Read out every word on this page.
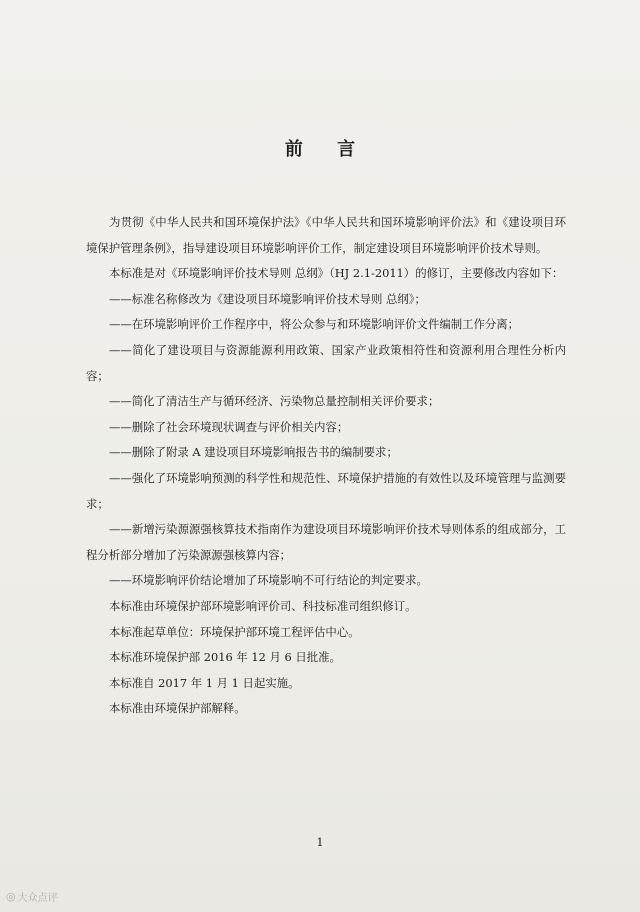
前 言

为贯彻《中华人民共和国环境保护法》《中华人民共和国环境影响评价法》和《建设项目环境保护管理条例》，指导建设项目环境影响评价工作，制定建设项目环境影响评价技术导则。

本标准是对《环境影响评价技术导则 总纲》（HJ 2.1-2011）的修订，主要修改内容如下：

——标准名称修改为《建设项目环境影响评价技术导则 总纲》；

——在环境影响评价工作程序中，将公众参与和环境影响评价文件编制工作分离；

——简化了建设项目与资源能源利用政策、国家产业政策相符性和资源利用合理性分析内容；

——简化了清洁生产与循环经济、污染物总量控制相关评价要求；

——删除了社会环境现状调查与评价相关内容；

——删除了附录 A 建设项目环境影响报告书的编制要求；

——强化了环境影响预测的科学性和规范性、环境保护措施的有效性以及环境管理与监测要求；

——新增污染源源强核算技术指南作为建设项目环境影响评价技术导则体系的组成部分，工程分析部分增加了污染源源强核算内容；

——环境影响评价结论增加了环境影响不可行结论的判定要求。

本标准由环境保护部环境影响评价司、科技标准司组织修订。

本标准起草单位：环境保护部环境工程评估中心。

本标准环境保护部 2016 年 12 月 6 日批准。

本标准自 2017 年 1 月 1 日起实施。

本标准由环境保护部解释。

1
◎ 大众点评
